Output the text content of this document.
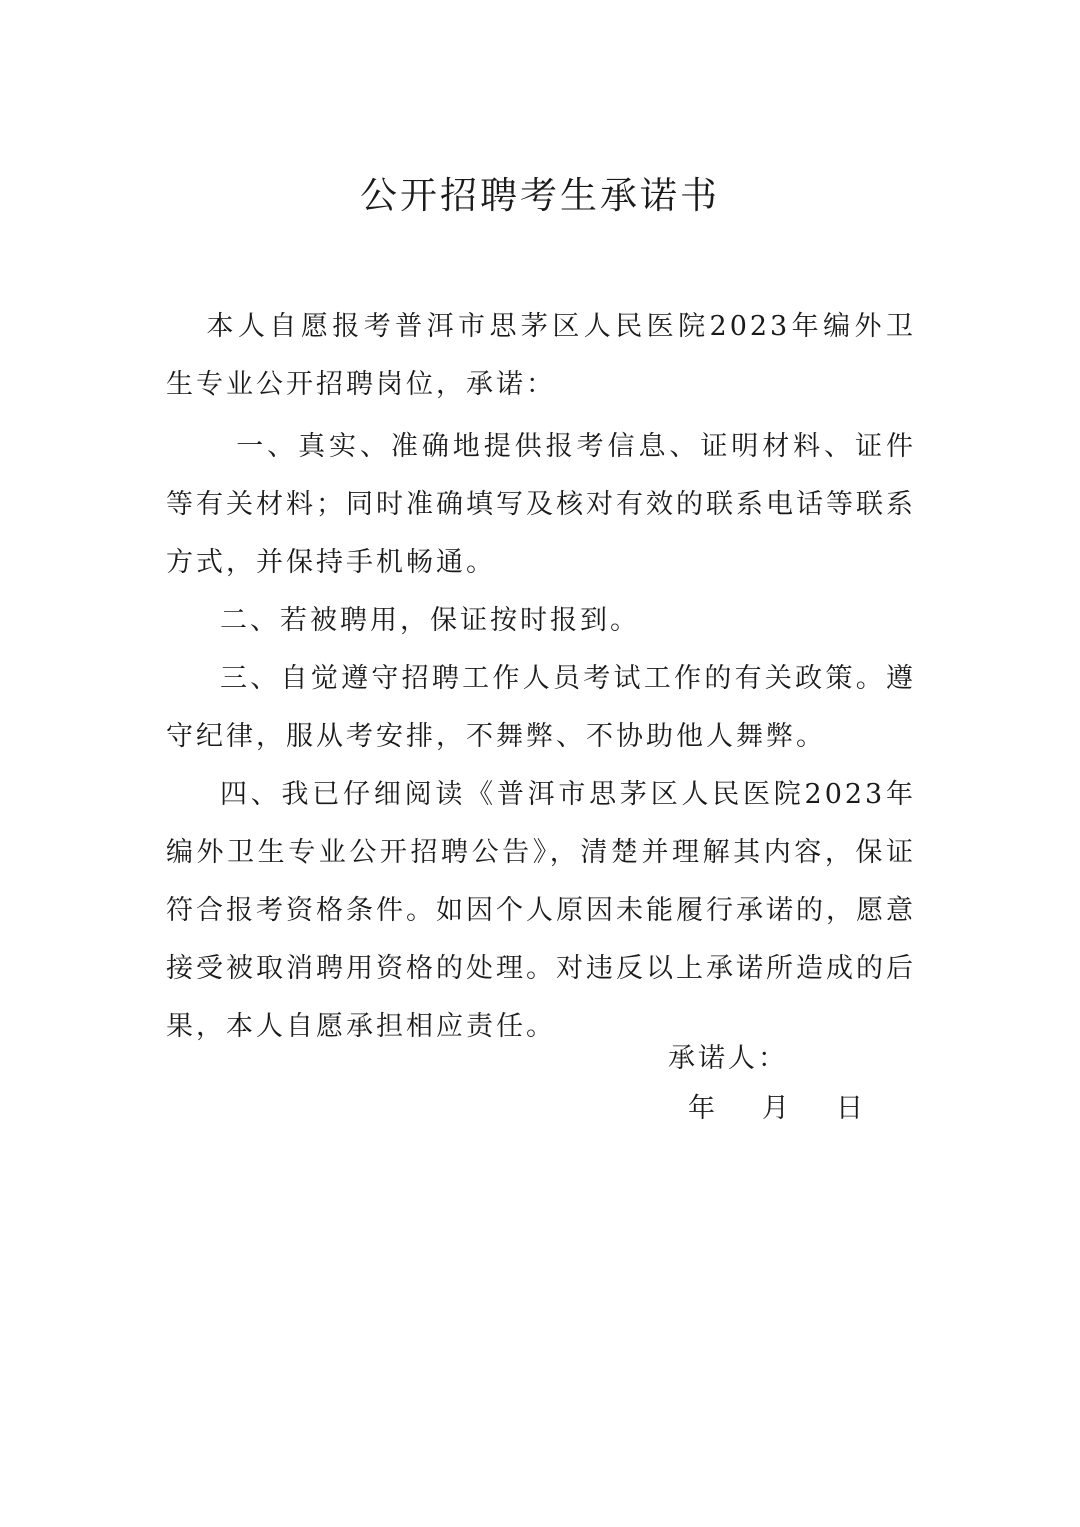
公开招聘考生承诺书

本人自愿报考普洱市思茅区人民医院2023年编外卫生专业公开招聘岗位，承诺：

一、真实、准确地提供报考信息、证明材料、证件等有关材料；同时准确填写及核对有效的联系电话等联系方式，并保持手机畅通。

二、若被聘用，保证按时报到。

三、自觉遵守招聘工作人员考试工作的有关政策。遵守纪律，服从考安排，不舞弊、不协助他人舞弊。

四、我已仔细阅读《普洱市思茅区人民医院2023年编外卫生专业公开招聘公告》，清楚并理解其内容，保证符合报考资格条件。如因个人原因未能履行承诺的，愿意接受被取消聘用资格的处理。对违反以上承诺所造成的后果，本人自愿承担相应责任。

承诺人：
年	月	日
